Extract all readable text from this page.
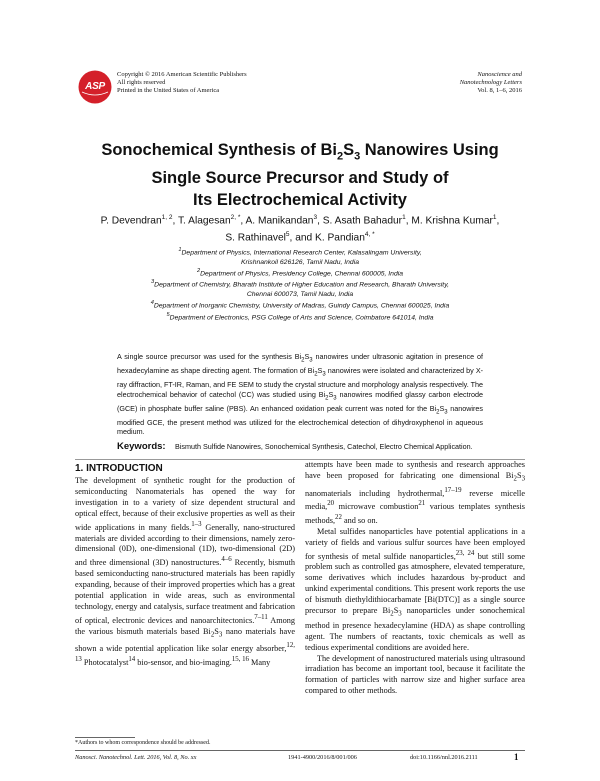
ASP
Copyright © 2016 American Scientific Publishers
All rights reserved
Printed in the United States of America
Nanoscience and
Nanotechnology Letters
Vol. 8, 1–6, 2016
Sonochemical Synthesis of $Bi_2S_3$ Nanowires Using
Single Source Precursor and Study of
Its Electrochemical Activity
P. Devendran$^{1, 2}$, T. Alagesan$^{2, *}$, A. Manikandan$^3$, S. Asath Bahadur$^1$, M. Krishna Kumar$^1$,
S. Rathinavel$^5$, and K. Pandian$^{4, *}$
$^1$Department of Physics, International Research Center, Kalasalingam University,
Krishnankoil 626126, Tamil Nadu, India
$^2$Department of Physics, Presidency College, Chennai 600005, India
$^3$Department of Chemistry, Bharath Institute of Higher Education and Research, Bharath University,
Chennai 600073, Tamil Nadu, India
$^4$Department of Inorganic Chemistry, University of Madras, Guindy Campus, Chennai 600025, India
$^5$Department of Electronics, PSG College of Arts and Science, Coimbatore 641014, India
A single source precursor was used for the synthesis $Bi_2S_3$ nanowires under ultrasonic agitation in presence of hexadecylamine as shape directing agent. The formation of $Bi_2S_3$ nanowires were isolated and characterized by X-ray diffraction, FT-IR, Raman, and FE SEM to study the crystal structure and morphology analysis respectively. The electrochemical behavior of catechol (CC) was studied using $Bi_2S_3$ nanowires modified glassy carbon electrode (GCE) in phosphate buffer saline (PBS). An enhanced oxidation peak current was noted for the $Bi_2S_3$ nanowires modified GCE, the present method was utilized for the electrochemical detection of dihydroxyphenol in aqueous medium.
Keywords: Bismuth Sulfide Nanowires, Sonochemical Synthesis, Catechol, Electro Chemical Application.
1. INTRODUCTION

The development of synthetic rought for the production of semiconducting Nanomaterials has opened the way for investigation in to a variety of size dependent structural and optical effect, because of their exclusive properties as well as their wide applications in many fields.$^{1-3}$ Generally, nano-structured materials are divided according to their dimensions, namely zero-dimensional (0D), one-dimensional (1D), two-dimensional (2D) and three dimensional (3D) nanostructures.$^{4-6}$ Recently, bismuth based semiconducting nano-structured materials has been rapidly expanding, because of their improved properties which has a great potential application in wide areas, such as environmental technology, energy and catalysis, surface treatment and fabrication of optical, electronic devices and nanoarchitectonics.$^{7-11}$ Among the various bismuth materials based $Bi_2S_3$ nano materials have shown a wide potential application like solar energy absorber,$^{12, 13}$ Photocatalyst$^{14}$ bio-sensor, and bio-imaging.$^{15, 16}$ Many

attempts have been made to synthesis and research approaches have been proposed for fabricating one dimensional $Bi_2S_3$ nanomaterials including hydrothermal,$^{17-19}$ reverse micelle media,$^{20}$ microwave combustion$^{21}$ various templates synthesis methods,$^{22}$ and so on.

Metal sulfides nanoparticles have potential applications in a variety of fields and various sulfur sources have been employed for synthesis of metal sulfide nanoparticles,$^{23, 24}$ but still some problem such as controlled gas atmosphere, elevated temperature, some derivatives which includes hazardous by-product and unkind experimental conditions. This present work reports the use of bismuth diethyldithiocarbamate [Bi(DTC)] as a single source precursor to prepare $Bi_2S_3$ nanoparticles under sonochemical method in presence hexadecylamine (HDA) as shape controlling agent. The numbers of reactants, toxic chemicals as well as tedious experimental conditions are avoided here.

The development of nanostructured materials using ultrasound irradiation has become an important tool, because it facilitate the formation of particles with narrow size and higher surface area compared to other methods.

*Authors to whom correspondence should be addressed.
Nanosci. Nanotechnol. Lett. 2016, Vol. 8, No. xx	1941-4900/2016/8/001/006	doi:10.1166/nnl.2016.2111	1
